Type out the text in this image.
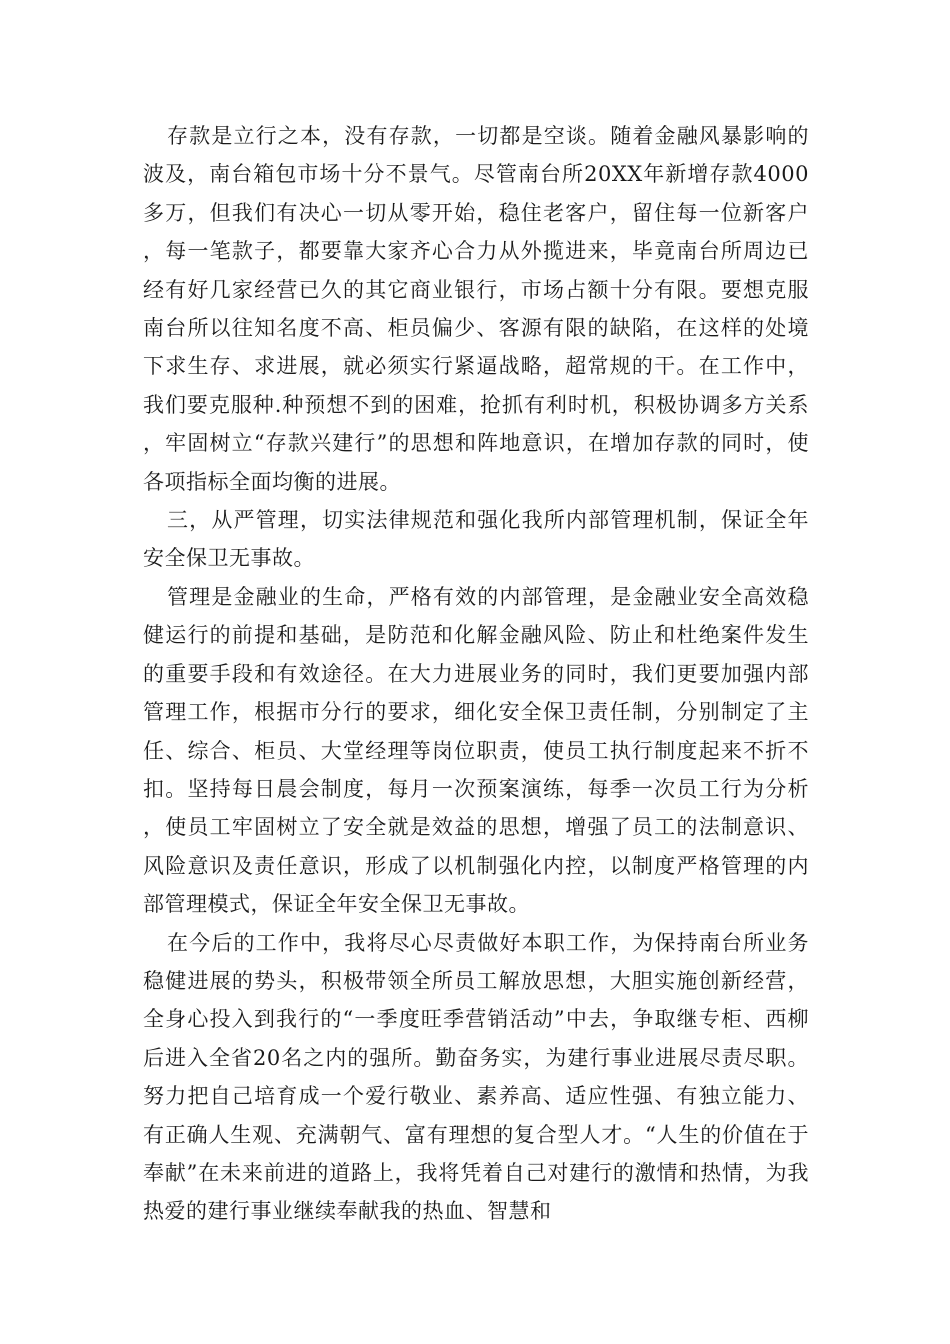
存款是立行之本，没有存款，一切都是空谈。随着金融风暴影响的波及，南台箱包市场十分不景气。尽管南台所20XX年新增存款4000多万，但我们有决心一切从零开始，稳住老客户，留住每一位新客户，每一笔款子，都要靠大家齐心合力从外揽进来，毕竟南台所周边已经有好几家经营已久的其它商业银行，市场占额十分有限。要想克服南台所以往知名度不高、柜员偏少、客源有限的缺陷，在这样的处境下求生存、求进展，就必须实行紧逼战略，超常规的干。在工作中，我们要克服种.种预想不到的困难，抢抓有利时机，积极协调多方关系，牢固树立“存款兴建行”的思想和阵地意识，在增加存款的同时，使各项指标全面均衡的进展。

三，从严管理，切实法律规范和强化我所内部管理机制，保证全年安全保卫无事故。

管理是金融业的生命，严格有效的内部管理，是金融业安全高效稳健运行的前提和基础，是防范和化解金融风险、防止和杜绝案件发生的重要手段和有效途径。在大力进展业务的同时，我们更要加强内部管理工作，根据市分行的要求，细化安全保卫责任制，分别制定了主任、综合、柜员、大堂经理等岗位职责，使员工执行制度起来不折不扣。坚持每日晨会制度，每月一次预案演练，每季一次员工行为分析，使员工牢固树立了安全就是效益的思想，增强了员工的法制意识、风险意识及责任意识，形成了以机制强化内控，以制度严格管理的内部管理模式，保证全年安全保卫无事故。

在今后的工作中，我将尽心尽责做好本职工作，为保持南台所业务稳健进展的势头，积极带领全所员工解放思想，大胆实施创新经营，全身心投入到我行的“一季度旺季营销活动”中去，争取继专柜、西柳后进入全省20名之内的强所。勤奋务实，为建行事业进展尽责尽职。努力把自己培育成一个爱行敬业、素养高、适应性强、有独立能力、有正确人生观、充满朝气、富有理想的复合型人才。“人生的价值在于奉献”在未来前进的道路上，我将凭着自己对建行的激情和热情，为我热爱的建行事业继续奉献我的热血、智慧和
